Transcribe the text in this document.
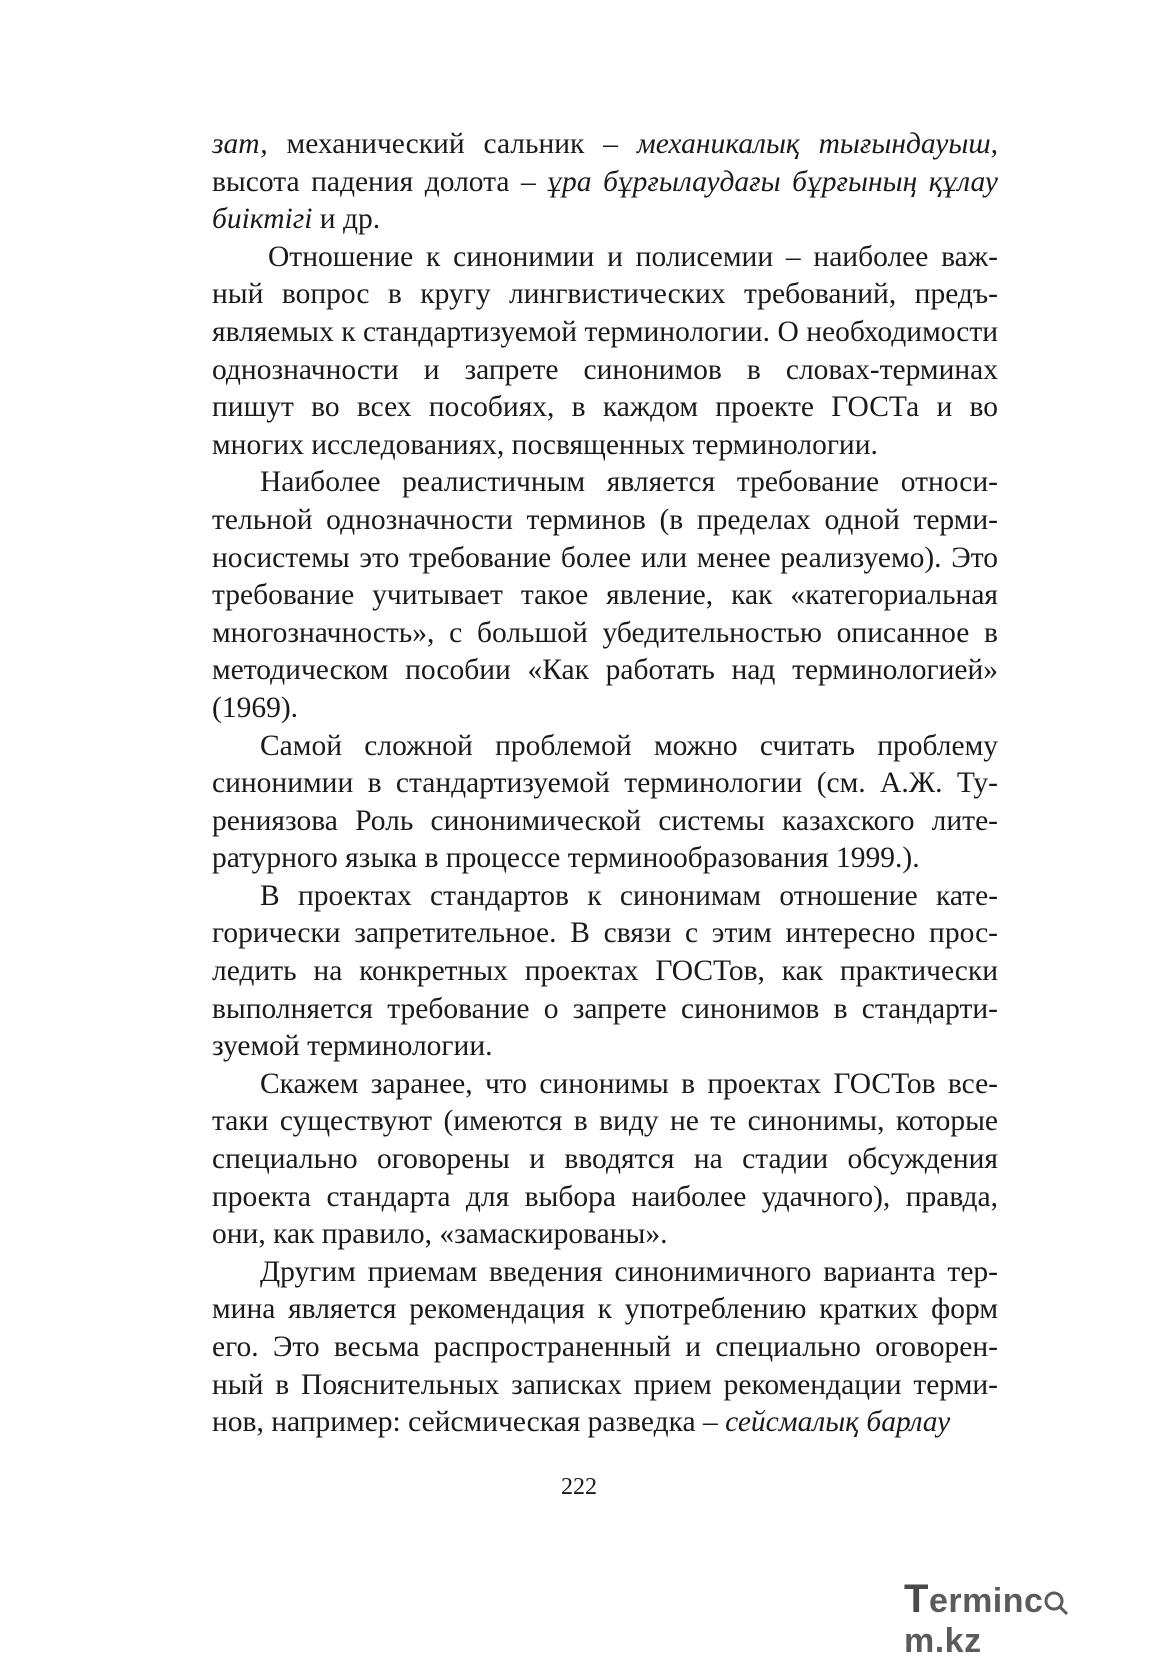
зат, механический сальник – механикалық тығындауыш, высота падения долота – ұра бұрғылаудағы бұрғының құлау биіктігі и др.

Отношение к синонимии и полисемии – наиболее важный вопрос в кругу лингвистических требований, предъявляемых к стандартизуемой терминологии. О необходимости однозначности и запрете синонимов в словах-терминах пишут во всех пособиях, в каждом проекте ГОСТа и во многих исследованиях, посвященных терминологии.

Наиболее реалистичным является требование относительной однозначности терминов (в пределах одной терминосистемы это требование более или менее реализуемо). Это требование учитывает такое явление, как «категориальная многозначность», с большой убедительностью описанное в методическом пособии «Как работать над терминологией» (1969).

Самой сложной проблемой можно считать проблему синонимии в стандартизуемой терминологии (см. А.Ж. Турениязова Роль синонимической системы казахского литературного языка в процессе терминообразования 1999.).

В проектах стандартов к синонимам отношение категорически запретительное. В связи с этим интересно проследить на конкретных проектах ГОСТов, как практически выполняется требование о запрете синонимов в стандартизуемой терминологии.

Скажем заранее, что синонимы в проектах ГОСТов все-таки существуют (имеются в виду не те синонимы, которые специально оговорены и вводятся на стадии обсуждения проекта стандарта для выбора наиболее удачного), правда, они, как правило, «замаскированы».

Другим приемам введения синонимичного варианта термина является рекомендация к употреблению кратких форм его. Это весьма распространенный и специально оговоренный в Пояснительных записках прием рекомендации терминов, например: сейсмическая разведка – сейсмалық барлау

222
Terminc
m.kz
